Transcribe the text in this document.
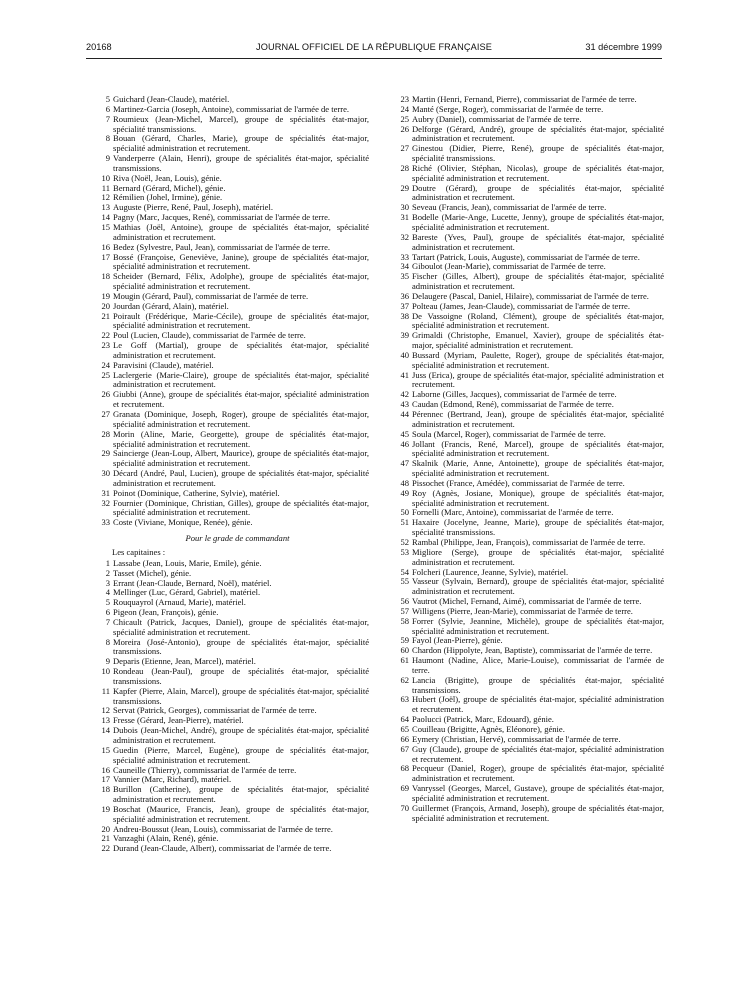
20168	JOURNAL OFFICIEL DE LA RÉPUBLIQUE FRANÇAISE	31 décembre 1999
5 Guichard (Jean-Claude), matériel.
6 Martinez-Garcia (Joseph, Antoine), commissariat de l'armée de terre.
7 Roumieux (Jean-Michel, Marcel), groupe de spécialités état-major, spécialité transmissions.
8 Bouan (Gérard, Charles, Marie), groupe de spécialités état-major, spécialité administration et recrutement.
9 Vanderperre (Alain, Henri), groupe de spécialités état-major, spécialité transmissions.
10 Riva (Noël, Jean, Louis), génie.
11 Bernard (Gérard, Michel), génie.
12 Rémilien (Johel, Irmine), génie.
13 Auguste (Pierre, René, Paul, Joseph), matériel.
14 Pagny (Marc, Jacques, René), commissariat de l'armée de terre.
15 Mathias (Joël, Antoine), groupe de spécialités état-major, spécialité administration et recrutement.
16 Bedez (Sylvestre, Paul, Jean), commissariat de l'armée de terre.
17 Bossé (Françoise, Geneviève, Janine), groupe de spécialités état-major, spécialité administration et recrutement.
18 Scheider (Bernard, Félix, Adolphe), groupe de spécialités état-major, spécialité administration et recrutement.
19 Mougin (Gérard, Paul), commissariat de l'armée de terre.
20 Jourdan (Gérard, Alain), matériel.
21 Poirault (Frédérique, Marie-Cécile), groupe de spécialités état-major, spécialité administration et recrutement.
22 Poul (Lucien, Claude), commissariat de l'armée de terre.
23 Le Goff (Martial), groupe de spécialités état-major, spécialité administration et recrutement.
24 Paravisini (Claude), matériel.
25 Laclergerie (Marie-Claire), groupe de spécialités état-major, spécialité administration et recrutement.
26 Giubbi (Anne), groupe de spécialités état-major, spécialité administration et recrutement.
27 Granata (Dominique, Joseph, Roger), groupe de spécialités état-major, spécialité administration et recrutement.
28 Morin (Aline, Marie, Georgette), groupe de spécialités état-major, spécialité administration et recrutement.
29 Saincierge (Jean-Loup, Albert, Maurice), groupe de spécialités état-major, spécialité administration et recrutement.
30 Décard (André, Paul, Lucien), groupe de spécialités état-major, spécialité administration et recrutement.
31 Poinot (Dominique, Catherine, Sylvie), matériel.
32 Fournier (Dominique, Christian, Gilles), groupe de spécialités état-major, spécialité administration et recrutement.
33 Coste (Viviane, Monique, Renée), génie.
Pour le grade de commandant
Les capitaines :
1 Lassabe (Jean, Louis, Marie, Emile), génie.
2 Tasset (Michel), génie.
3 Errant (Jean-Claude, Bernard, Noël), matériel.
4 Mellinger (Luc, Gérard, Gabriel), matériel.
5 Rouquayrol (Arnaud, Marie), matériel.
6 Pigeon (Jean, François), génie.
7 Chicault (Patrick, Jacques, Daniel), groupe de spécialités état-major, spécialité administration et recrutement.
8 Moreira (José-Antonio), groupe de spécialités état-major, spécialité transmissions.
9 Deparis (Etienne, Jean, Marcel), matériel.
10 Rondeau (Jean-Paul), groupe de spécialités état-major, spécialité transmissions.
11 Kapfer (Pierre, Alain, Marcel), groupe de spécialités état-major, spécialité transmissions.
12 Servat (Patrick, Georges), commissariat de l'armée de terre.
13 Fresse (Gérard, Jean-Pierre), matériel.
14 Dubois (Jean-Michel, André), groupe de spécialités état-major, spécialité administration et recrutement.
15 Guedin (Pierre, Marcel, Eugène), groupe de spécialités état-major, spécialité administration et recrutement.
16 Cauneille (Thierry), commissariat de l'armée de terre.
17 Vannier (Marc, Richard), matériel.
18 Burillon (Catherine), groupe de spécialités état-major, spécialité administration et recrutement.
19 Boschat (Maurice, Francis, Jean), groupe de spécialités état-major, spécialité administration et recrutement.
20 Andreu-Boussut (Jean, Louis), commissariat de l'armée de terre.
21 Vanzaghi (Alain, René), génie.
22 Durand (Jean-Claude, Albert), commissariat de l'armée de terre.
23 Martin (Henri, Fernand, Pierre), commissariat de l'armée de terre.
24 Manté (Serge, Roger), commissariat de l'armée de terre.
25 Aubry (Daniel), commissariat de l'armée de terre.
26 Delforge (Gérard, André), groupe de spécialités état-major, spécialité administration et recrutement.
27 Ginestou (Didier, Pierre, René), groupe de spécialités état-major, spécialité transmissions.
28 Riché (Olivier, Stéphan, Nicolas), groupe de spécialités état-major, spécialité administration et recrutement.
29 Doutre (Gérard), groupe de spécialités état-major, spécialité administration et recrutement.
30 Seveau (Francis, Jean), commissariat de l'armée de terre.
31 Bodelle (Marie-Ange, Lucette, Jenny), groupe de spécialités état-major, spécialité administration et recrutement.
32 Bareste (Yves, Paul), groupe de spécialités état-major, spécialité administration et recrutement.
33 Tartart (Patrick, Louis, Auguste), commissariat de l'armée de terre.
34 Giboulot (Jean-Marie), commissariat de l'armée de terre.
35 Fischer (Gilles, Albert), groupe de spécialités état-major, spécialité administration et recrutement.
36 Delaugere (Pascal, Daniel, Hilaire), commissariat de l'armée de terre.
37 Polteau (James, Jean-Claude), commissariat de l'armée de terre.
38 De Vassoigne (Roland, Clément), groupe de spécialités état-major, spécialité administration et recrutement.
39 Grimaldi (Christophe, Emanuel, Xavier), groupe de spécialités état-major, spécialité administration et recrutement.
40 Bussard (Myriam, Paulette, Roger), groupe de spécialités état-major, spécialité administration et recrutement.
41 Juss (Erica), groupe de spécialités état-major, spécialité administration et recrutement.
42 Laborne (Gilles, Jacques), commissariat de l'armée de terre.
43 Caudan (Edmond, René), commissariat de l'armée de terre.
44 Pérennec (Bertrand, Jean), groupe de spécialités état-major, spécialité administration et recrutement.
45 Soula (Marcel, Roger), commissariat de l'armée de terre.
46 Jollant (Francis, René, Marcel), groupe de spécialités état-major, spécialité administration et recrutement.
47 Skalnik (Marie, Anne, Antoinette), groupe de spécialités état-major, spécialité administration et recrutement.
48 Pissochet (France, Amédée), commissariat de l'armée de terre.
49 Roy (Agnès, Josiane, Monique), groupe de spécialités état-major, spécialité administration et recrutement.
50 Fornelli (Marc, Antoine), commissariat de l'armée de terre.
51 Haxaire (Jocelyne, Jeanne, Marie), groupe de spécialités état-major, spécialité transmissions.
52 Rambal (Philippe, Jean, François), commissariat de l'armée de terre.
53 Migliore (Serge), groupe de spécialités état-major, spécialité administration et recrutement.
54 Folcheri (Laurence, Jeanne, Sylvie), matériel.
55 Vasseur (Sylvain, Bernard), groupe de spécialités état-major, spécialité administration et recrutement.
56 Vautrot (Michel, Fernand, Aimé), commissariat de l'armée de terre.
57 Willigens (Pierre, Jean-Marie), commissariat de l'armée de terre.
58 Forrer (Sylvie, Jeannine, Michèle), groupe de spécialités état-major, spécialité administration et recrutement.
59 Fayol (Jean-Pierre), génie.
60 Chardon (Hippolyte, Jean, Baptiste), commissariat de l'armée de terre.
61 Haumont (Nadine, Alice, Marie-Louise), commissariat de l'armée de terre.
62 Lancia (Brigitte), groupe de spécialités état-major, spécialité transmissions.
63 Hubert (Joël), groupe de spécialités état-major, spécialité administration et recrutement.
64 Paolucci (Patrick, Marc, Edouard), génie.
65 Couilleau (Brigitte, Agnès, Eléonore), génie.
66 Eymery (Christian, Hervé), commissariat de l'armée de terre.
67 Guy (Claude), groupe de spécialités état-major, spécialité administration et recrutement.
68 Pecqueur (Daniel, Roger), groupe de spécialités état-major, spécialité administration et recrutement.
69 Vanryssel (Georges, Marcel, Gustave), groupe de spécialités état-major, spécialité administration et recrutement.
70 Guillermet (François, Armand, Joseph), groupe de spécialités état-major, spécialité administration et recrutement.
